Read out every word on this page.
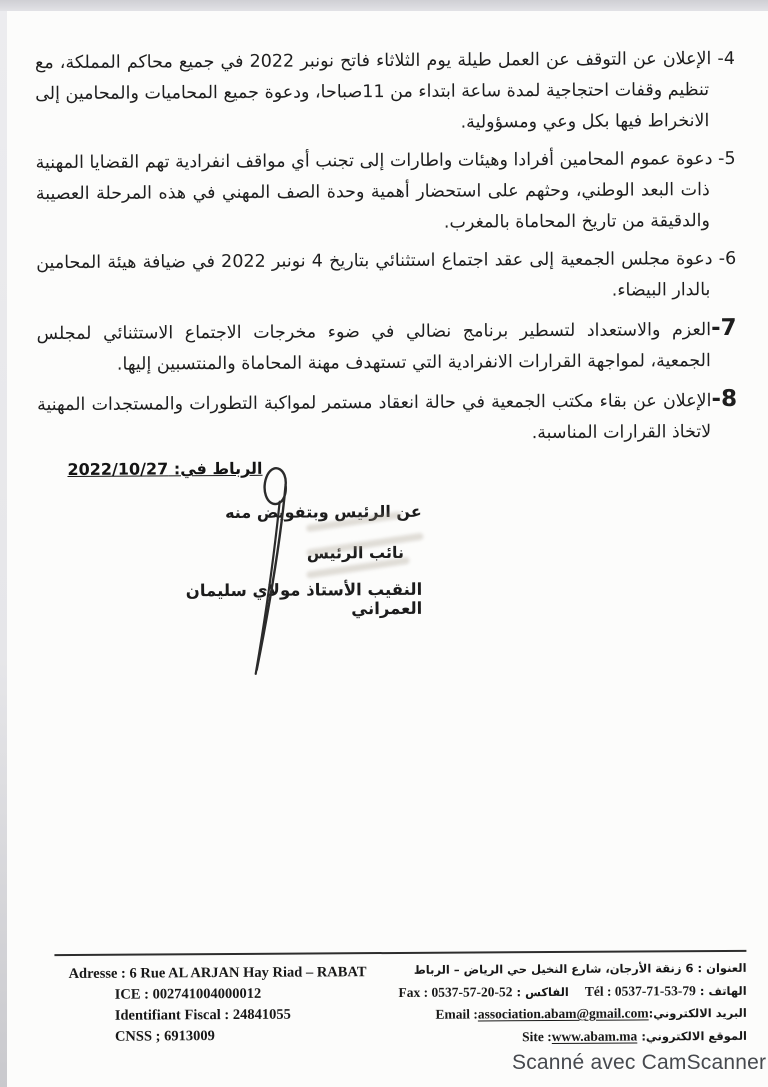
4- الإعلان عن التوقف عن العمل طيلة يوم الثلاثاء فاتح نونبر 2022 في جميع محاكم المملكة، مع تنظيم وقفات احتجاجية لمدة ساعة ابتداء من 11صباحا، ودعوة جميع المحاميات والمحامين إلى الانخراط فيها بكل وعي ومسؤولية.
5- دعوة عموم المحامين أفرادا وهيئات واطارات إلى تجنب أي مواقف انفرادية تهم القضايا المهنية ذات البعد الوطني، وحثهم على استحضار أهمية وحدة الصف المهني في هذه المرحلة العصيبة والدقيقة من تاريخ المحاماة بالمغرب.
6- دعوة مجلس الجمعية إلى عقد اجتماع استثنائي بتاريخ 4 نونبر 2022 في ضيافة هيئة المحامين بالدار البيضاء.
7-العزم والاستعداد لتسطير برنامج نضالي في ضوء مخرجات الاجتماع الاستثنائي لمجلس الجمعية، لمواجهة القرارات الانفرادية التي تستهدف مهنة المحاماة والمنتسبين إليها.
8-الإعلان عن بقاء مكتب الجمعية في حالة انعقاد مستمر لمواكبة التطورات والمستجدات المهنية لاتخاذ القرارات المناسبة.
الرباط في: 2022/10/27

عن الرئيس وبتفويض منه

نائب الرئيس

النقيب الأستاذ مولاي سليمان العمراني

Adresse : 6 Rue AL ARJAN Hay Riad – RABAT
ICE : 002741004000012
Identifiant Fiscal : 24841055
CNSS ; 6913009
العنوان : 6 زنقة الأرجان، شارع النخيل حي الرياض – الرباط
الهاتف : Tél : 0537-71-53-79    الفاكس : Fax : 0537-57-20-52
البريد الالكتروني:Email :association.abam@gmail.com
الموقع الالكتروني: Site :www.abam.ma
Scanné avec CamScanner
